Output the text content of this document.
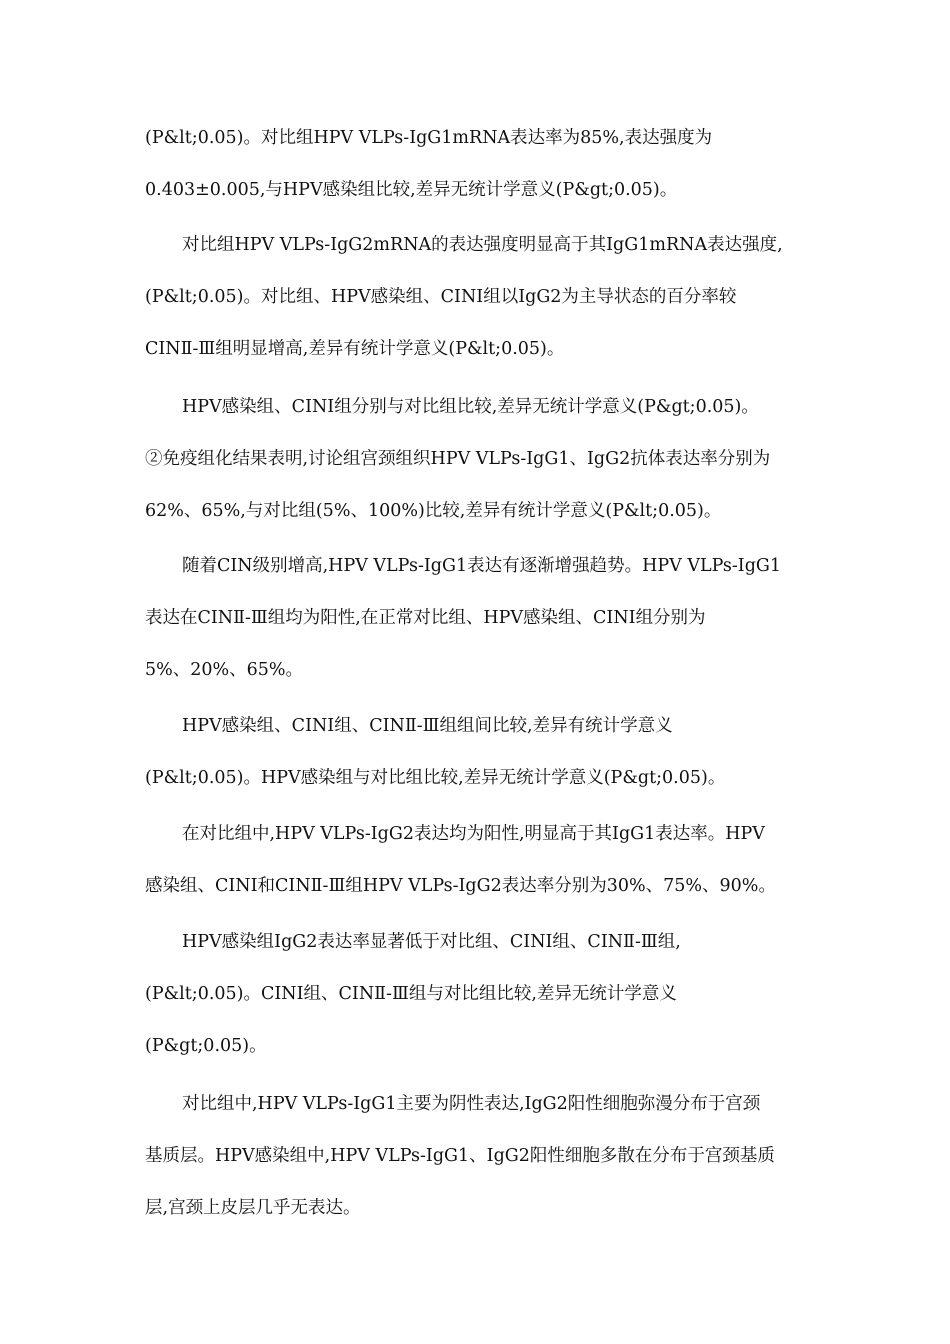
(P&lt;0.05)。对比组HPV VLPs-IgG1mRNA表达率为85%,表达强度为
0.403±0.005,与HPV感染组比较,差异无统计学意义(P&gt;0.05)。
对比组HPV VLPs-IgG2mRNA的表达强度明显高于其IgG1mRNA表达强度,
(P&lt;0.05)。对比组、HPV感染组、CINⅠ组以IgG2为主导状态的百分率较
CINⅡ-Ⅲ组明显增高,差异有统计学意义(P&lt;0.05)。
HPV感染组、CINⅠ组分别与对比组比较,差异无统计学意义(P&gt;0.05)。
②免疫组化结果表明,讨论组宫颈组织HPV VLPs-IgG1、IgG2抗体表达率分别为
62%、65%,与对比组(5%、100%)比较,差异有统计学意义(P&lt;0.05)。
随着CIN级别增高,HPV VLPs-IgG1表达有逐渐增强趋势。HPV VLPs-IgG1
表达在CINⅡ-Ⅲ组均为阳性,在正常对比组、HPV感染组、CINⅠ组分别为
5%、20%、65%。
HPV感染组、CINⅠ组、CINⅡ-Ⅲ组组间比较,差异有统计学意义
(P&lt;0.05)。HPV感染组与对比组比较,差异无统计学意义(P&gt;0.05)。
在对比组中,HPV VLPs-IgG2表达均为阳性,明显高于其IgG1表达率。HPV
感染组、CINⅠ和CINⅡ-Ⅲ组HPV VLPs-IgG2表达率分别为30%、75%、90%。
HPV感染组IgG2表达率显著低于对比组、CINⅠ组、CINⅡ-Ⅲ组,
(P&lt;0.05)。CINⅠ组、CINⅡ-Ⅲ组与对比组比较,差异无统计学意义
(P&gt;0.05)。
对比组中,HPV VLPs-IgG1主要为阴性表达,IgG2阳性细胞弥漫分布于宫颈
基质层。HPV感染组中,HPV VLPs-IgG1、IgG2阳性细胞多散在分布于宫颈基质
层,宫颈上皮层几乎无表达。
